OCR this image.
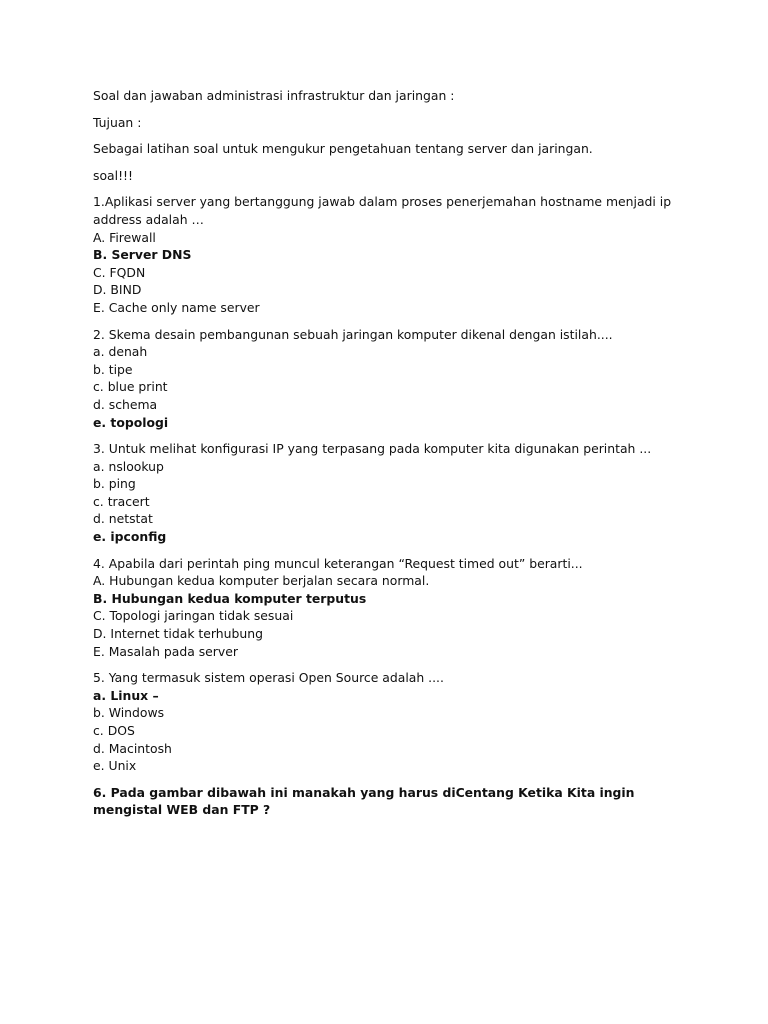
Soal dan jawaban administrasi infrastruktur dan jaringan :
Tujuan :
Sebagai latihan soal untuk mengukur pengetahuan tentang server dan jaringan.
soal!!!
1.Aplikasi server yang bertanggung jawab dalam proses penerjemahan hostname menjadi ip address adalah …
A. Firewall
B. Server DNS
C. FQDN
D. BIND
E. Cache only name server
2. Skema desain pembangunan sebuah jaringan komputer dikenal dengan istilah....
a. denah
b. tipe
c. blue print
d. schema
e. topologi
3. Untuk melihat konfigurasi IP yang terpasang pada komputer kita digunakan perintah ...
a. nslookup
b. ping
c. tracert
d. netstat
e. ipconfig
4. Apabila dari perintah ping muncul keterangan “Request timed out” berarti...
A. Hubungan kedua komputer berjalan secara normal.
B. Hubungan kedua komputer terputus
C. Topologi jaringan tidak sesuai
D. Internet tidak terhubung
E. Masalah pada server
5. Yang termasuk sistem operasi Open Source adalah ....
a. Linux –
b. Windows
c. DOS
d. Macintosh
e. Unix
6. Pada gambar dibawah ini manakah yang harus diCentang Ketika Kita ingin mengistal WEB dan FTP ?
